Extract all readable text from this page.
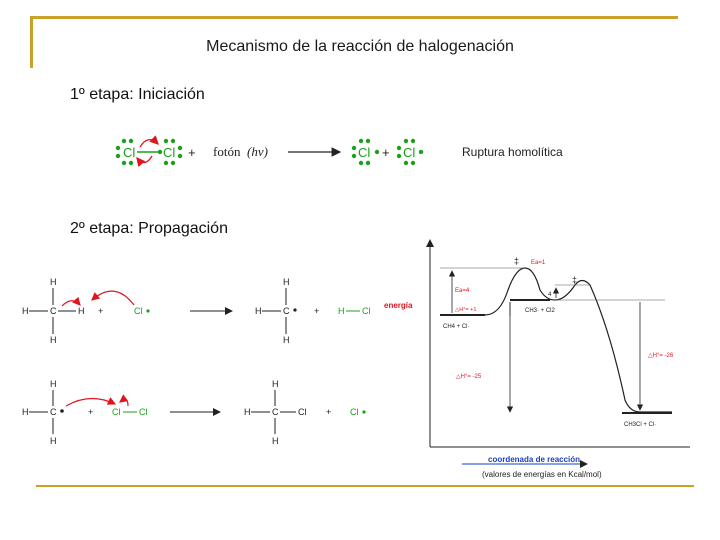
Mecanismo de la reacción de halogenación
1º etapa: Iniciación
2º etapa: Propagación
Ruptura homolítica
Cl Cl + fotón (hν)	Cl + Cl
H
H C H
H
+	Cl
H
H C
H
+ H Cl
H
H C
H
+ Cl Cl
H
H C
H
Cl + Cl
energía
coordenada de reacción
(valores de energías en Kcal/mol)
Ea=4
Ea=1
‡
‡
4
△H°= +1
△H°= -25
△H°= -26
CH4 + Cl·
CH3· + Cl2
CH3Cl + Cl·
